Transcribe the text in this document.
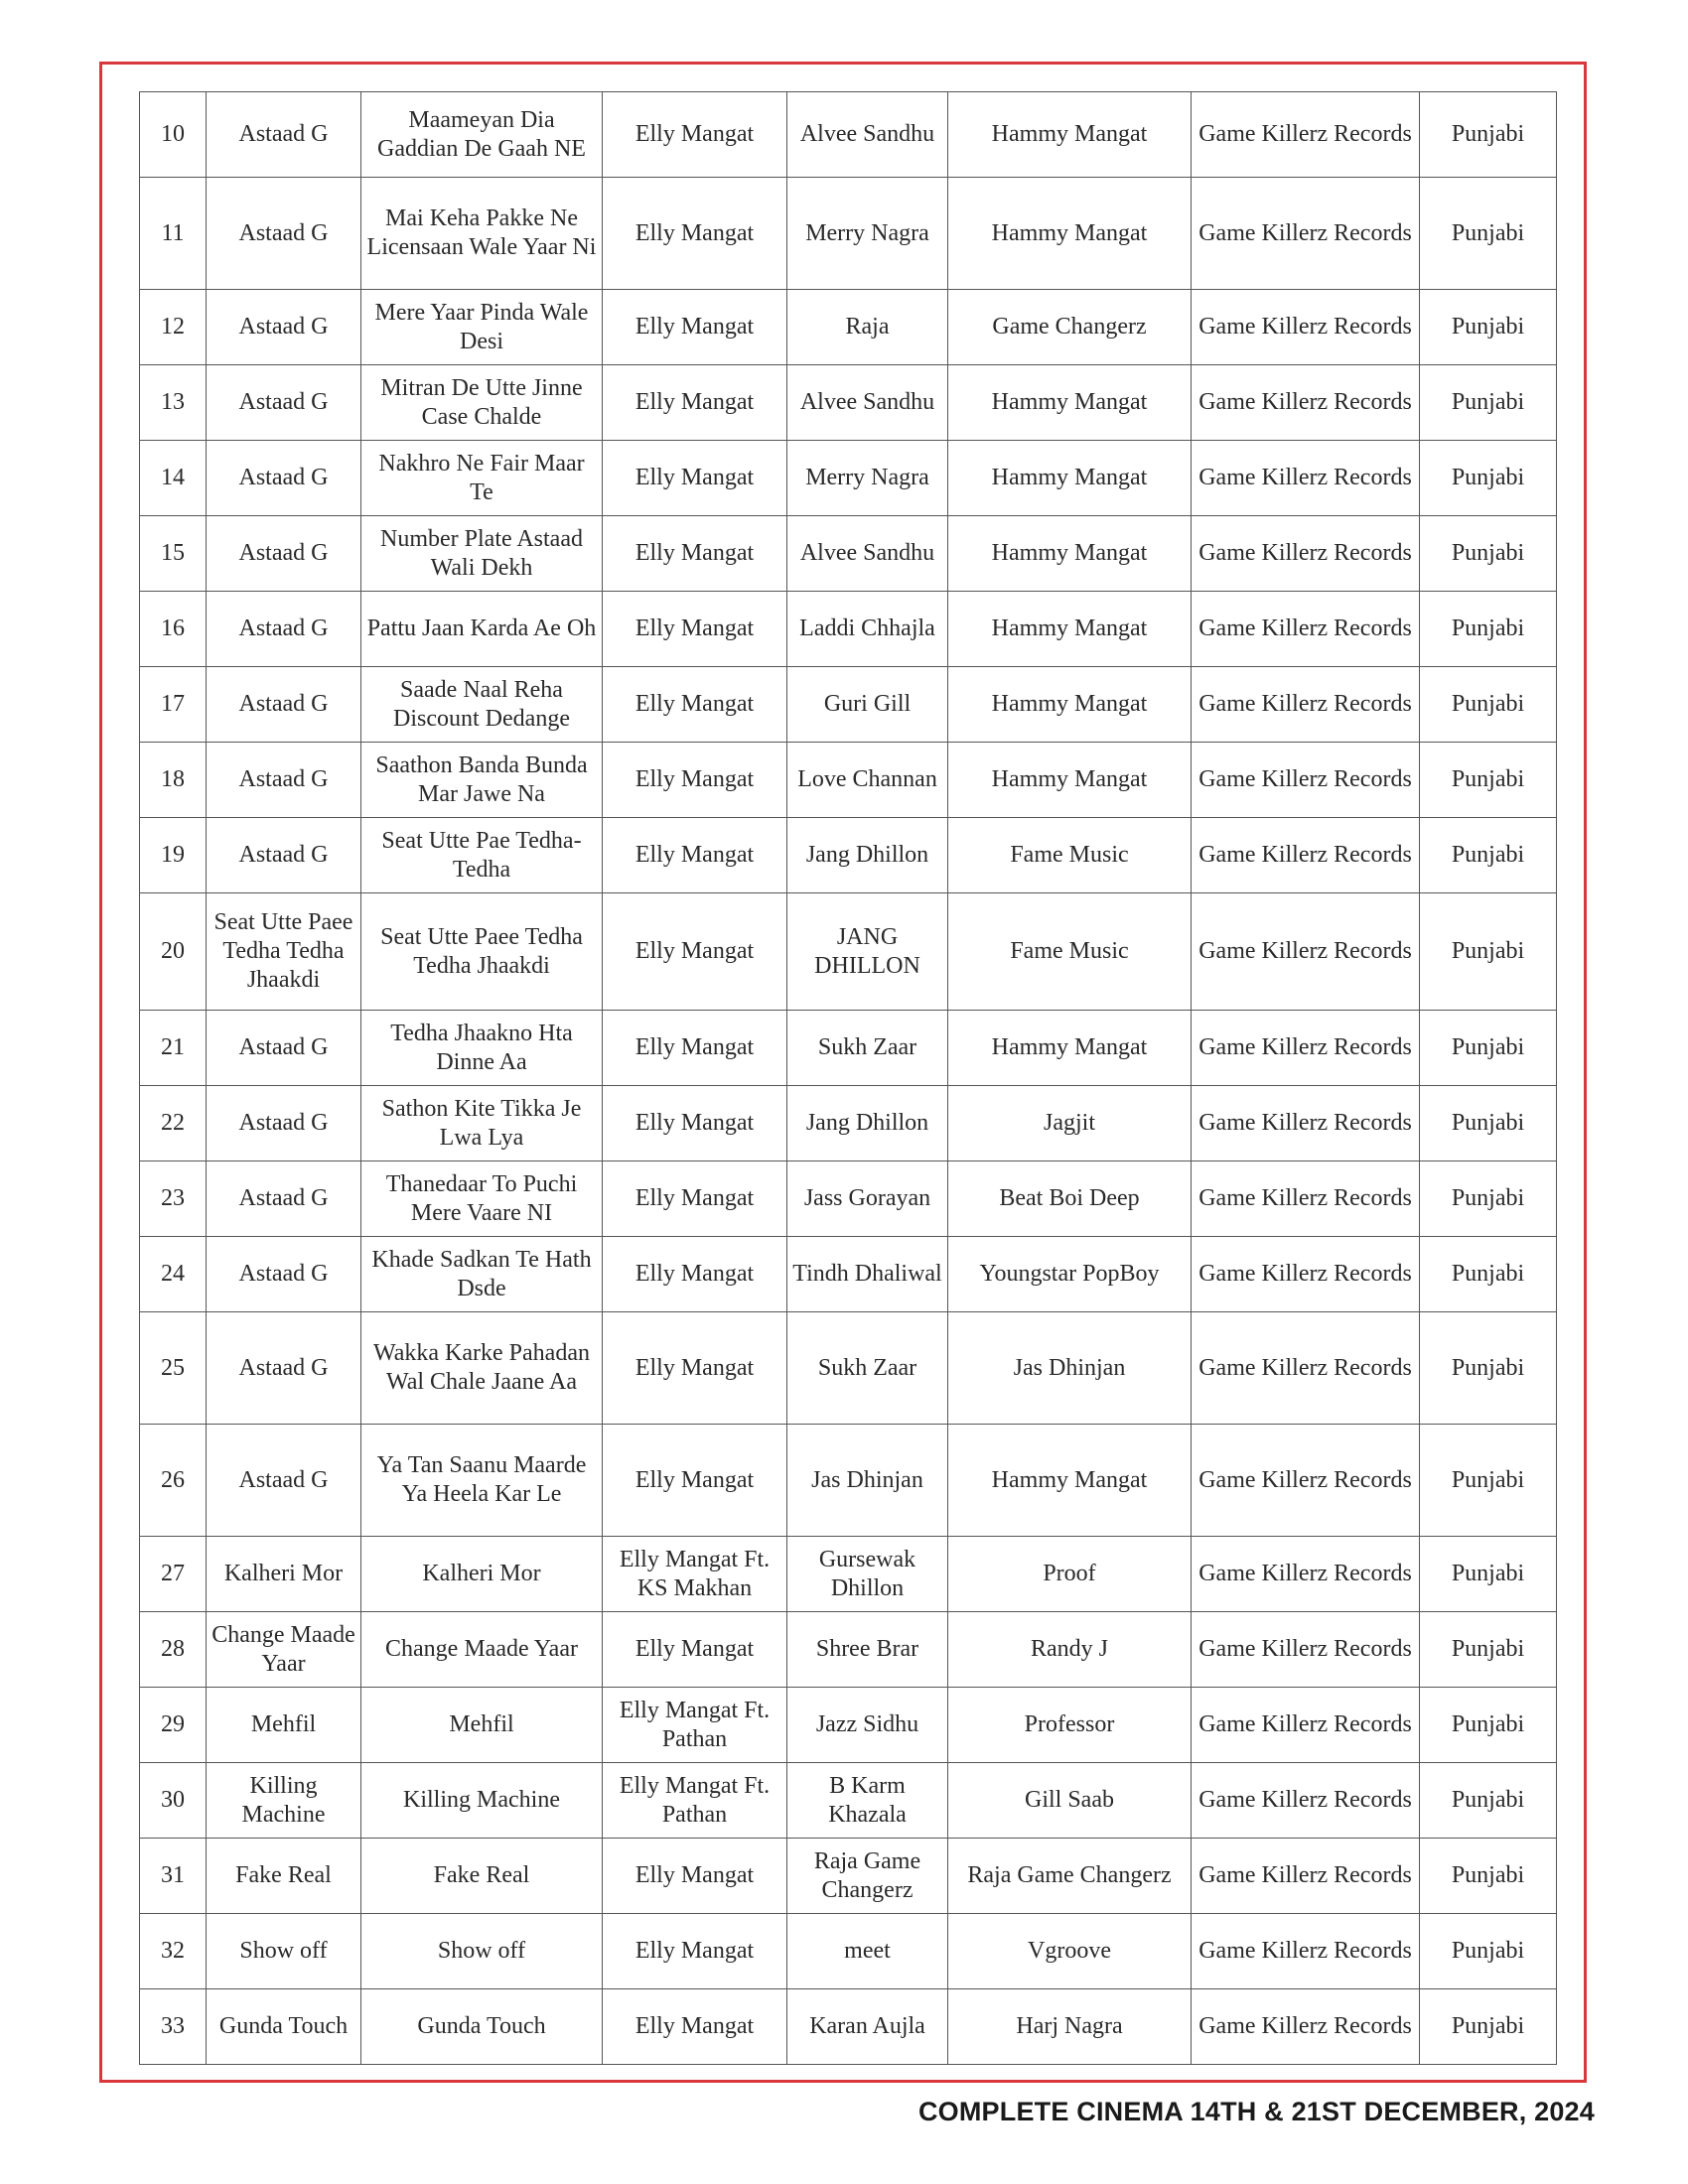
10	Astaad G	Maameyan Dia Gaddian De Gaah NE	Elly Mangat	Alvee Sandhu	Hammy Mangat	Game Killerz Records	Punjabi
11	Astaad G	Mai Keha Pakke Ne Licensaan Wale Yaar Ni	Elly Mangat	Merry Nagra	Hammy Mangat	Game Killerz Records	Punjabi
12	Astaad G	Mere Yaar Pinda Wale Desi	Elly Mangat	Raja	Game Changerz	Game Killerz Records	Punjabi
13	Astaad G	Mitran De Utte Jinne Case Chalde	Elly Mangat	Alvee Sandhu	Hammy Mangat	Game Killerz Records	Punjabi
14	Astaad G	Nakhro Ne Fair Maar Te	Elly Mangat	Merry Nagra	Hammy Mangat	Game Killerz Records	Punjabi
15	Astaad G	Number Plate Astaad Wali Dekh	Elly Mangat	Alvee Sandhu	Hammy Mangat	Game Killerz Records	Punjabi
16	Astaad G	Pattu Jaan Karda Ae Oh	Elly Mangat	Laddi Chhajla	Hammy Mangat	Game Killerz Records	Punjabi
17	Astaad G	Saade Naal Reha Discount Dedange	Elly Mangat	Guri Gill	Hammy Mangat	Game Killerz Records	Punjabi
18	Astaad G	Saathon Banda Bunda Mar Jawe Na	Elly Mangat	Love Channan	Hammy Mangat	Game Killerz Records	Punjabi
19	Astaad G	Seat Utte Pae Tedha-Tedha	Elly Mangat	Jang Dhillon	Fame Music	Game Killerz Records	Punjabi
20	Seat Utte Paee Tedha Tedha Jhaakdi	Seat Utte Paee Tedha Tedha Jhaakdi	Elly Mangat	JANG DHILLON	Fame Music	Game Killerz Records	Punjabi
21	Astaad G	Tedha Jhaakno Hta Dinne Aa	Elly Mangat	Sukh Zaar	Hammy Mangat	Game Killerz Records	Punjabi
22	Astaad G	Sathon Kite Tikka Je Lwa Lya	Elly Mangat	Jang Dhillon	Jagjit	Game Killerz Records	Punjabi
23	Astaad G	Thanedaar To Puchi Mere Vaare NI	Elly Mangat	Jass Gorayan	Beat Boi Deep	Game Killerz Records	Punjabi
24	Astaad G	Khade Sadkan Te Hath Dsde	Elly Mangat	Tindh Dhaliwal	Youngstar PopBoy	Game Killerz Records	Punjabi
25	Astaad G	Wakka Karke Pahadan Wal Chale Jaane Aa	Elly Mangat	Sukh Zaar	Jas Dhinjan	Game Killerz Records	Punjabi
26	Astaad G	Ya Tan Saanu Maarde Ya Heela Kar Le	Elly Mangat	Jas Dhinjan	Hammy Mangat	Game Killerz Records	Punjabi
27	Kalheri Mor	Kalheri Mor	Elly Mangat Ft. KS Makhan	Gursewak Dhillon	Proof	Game Killerz Records	Punjabi
28	Change Maade Yaar	Change Maade Yaar	Elly Mangat	Shree Brar	Randy J	Game Killerz Records	Punjabi
29	Mehfil	Mehfil	Elly Mangat Ft. Pathan	Jazz Sidhu	Professor	Game Killerz Records	Punjabi
30	Killing Machine	Killing Machine	Elly Mangat Ft. Pathan	B Karm Khazala	Gill Saab	Game Killerz Records	Punjabi
31	Fake Real	Fake Real	Elly Mangat	Raja Game Changerz	Raja Game Changerz	Game Killerz Records	Punjabi
32	Show off	Show off	Elly Mangat	meet	Vgroove	Game Killerz Records	Punjabi
33	Gunda Touch	Gunda Touch	Elly Mangat	Karan Aujla	Harj Nagra	Game Killerz Records	Punjabi
COMPLETE CINEMA 14TH & 21ST DECEMBER, 2024
